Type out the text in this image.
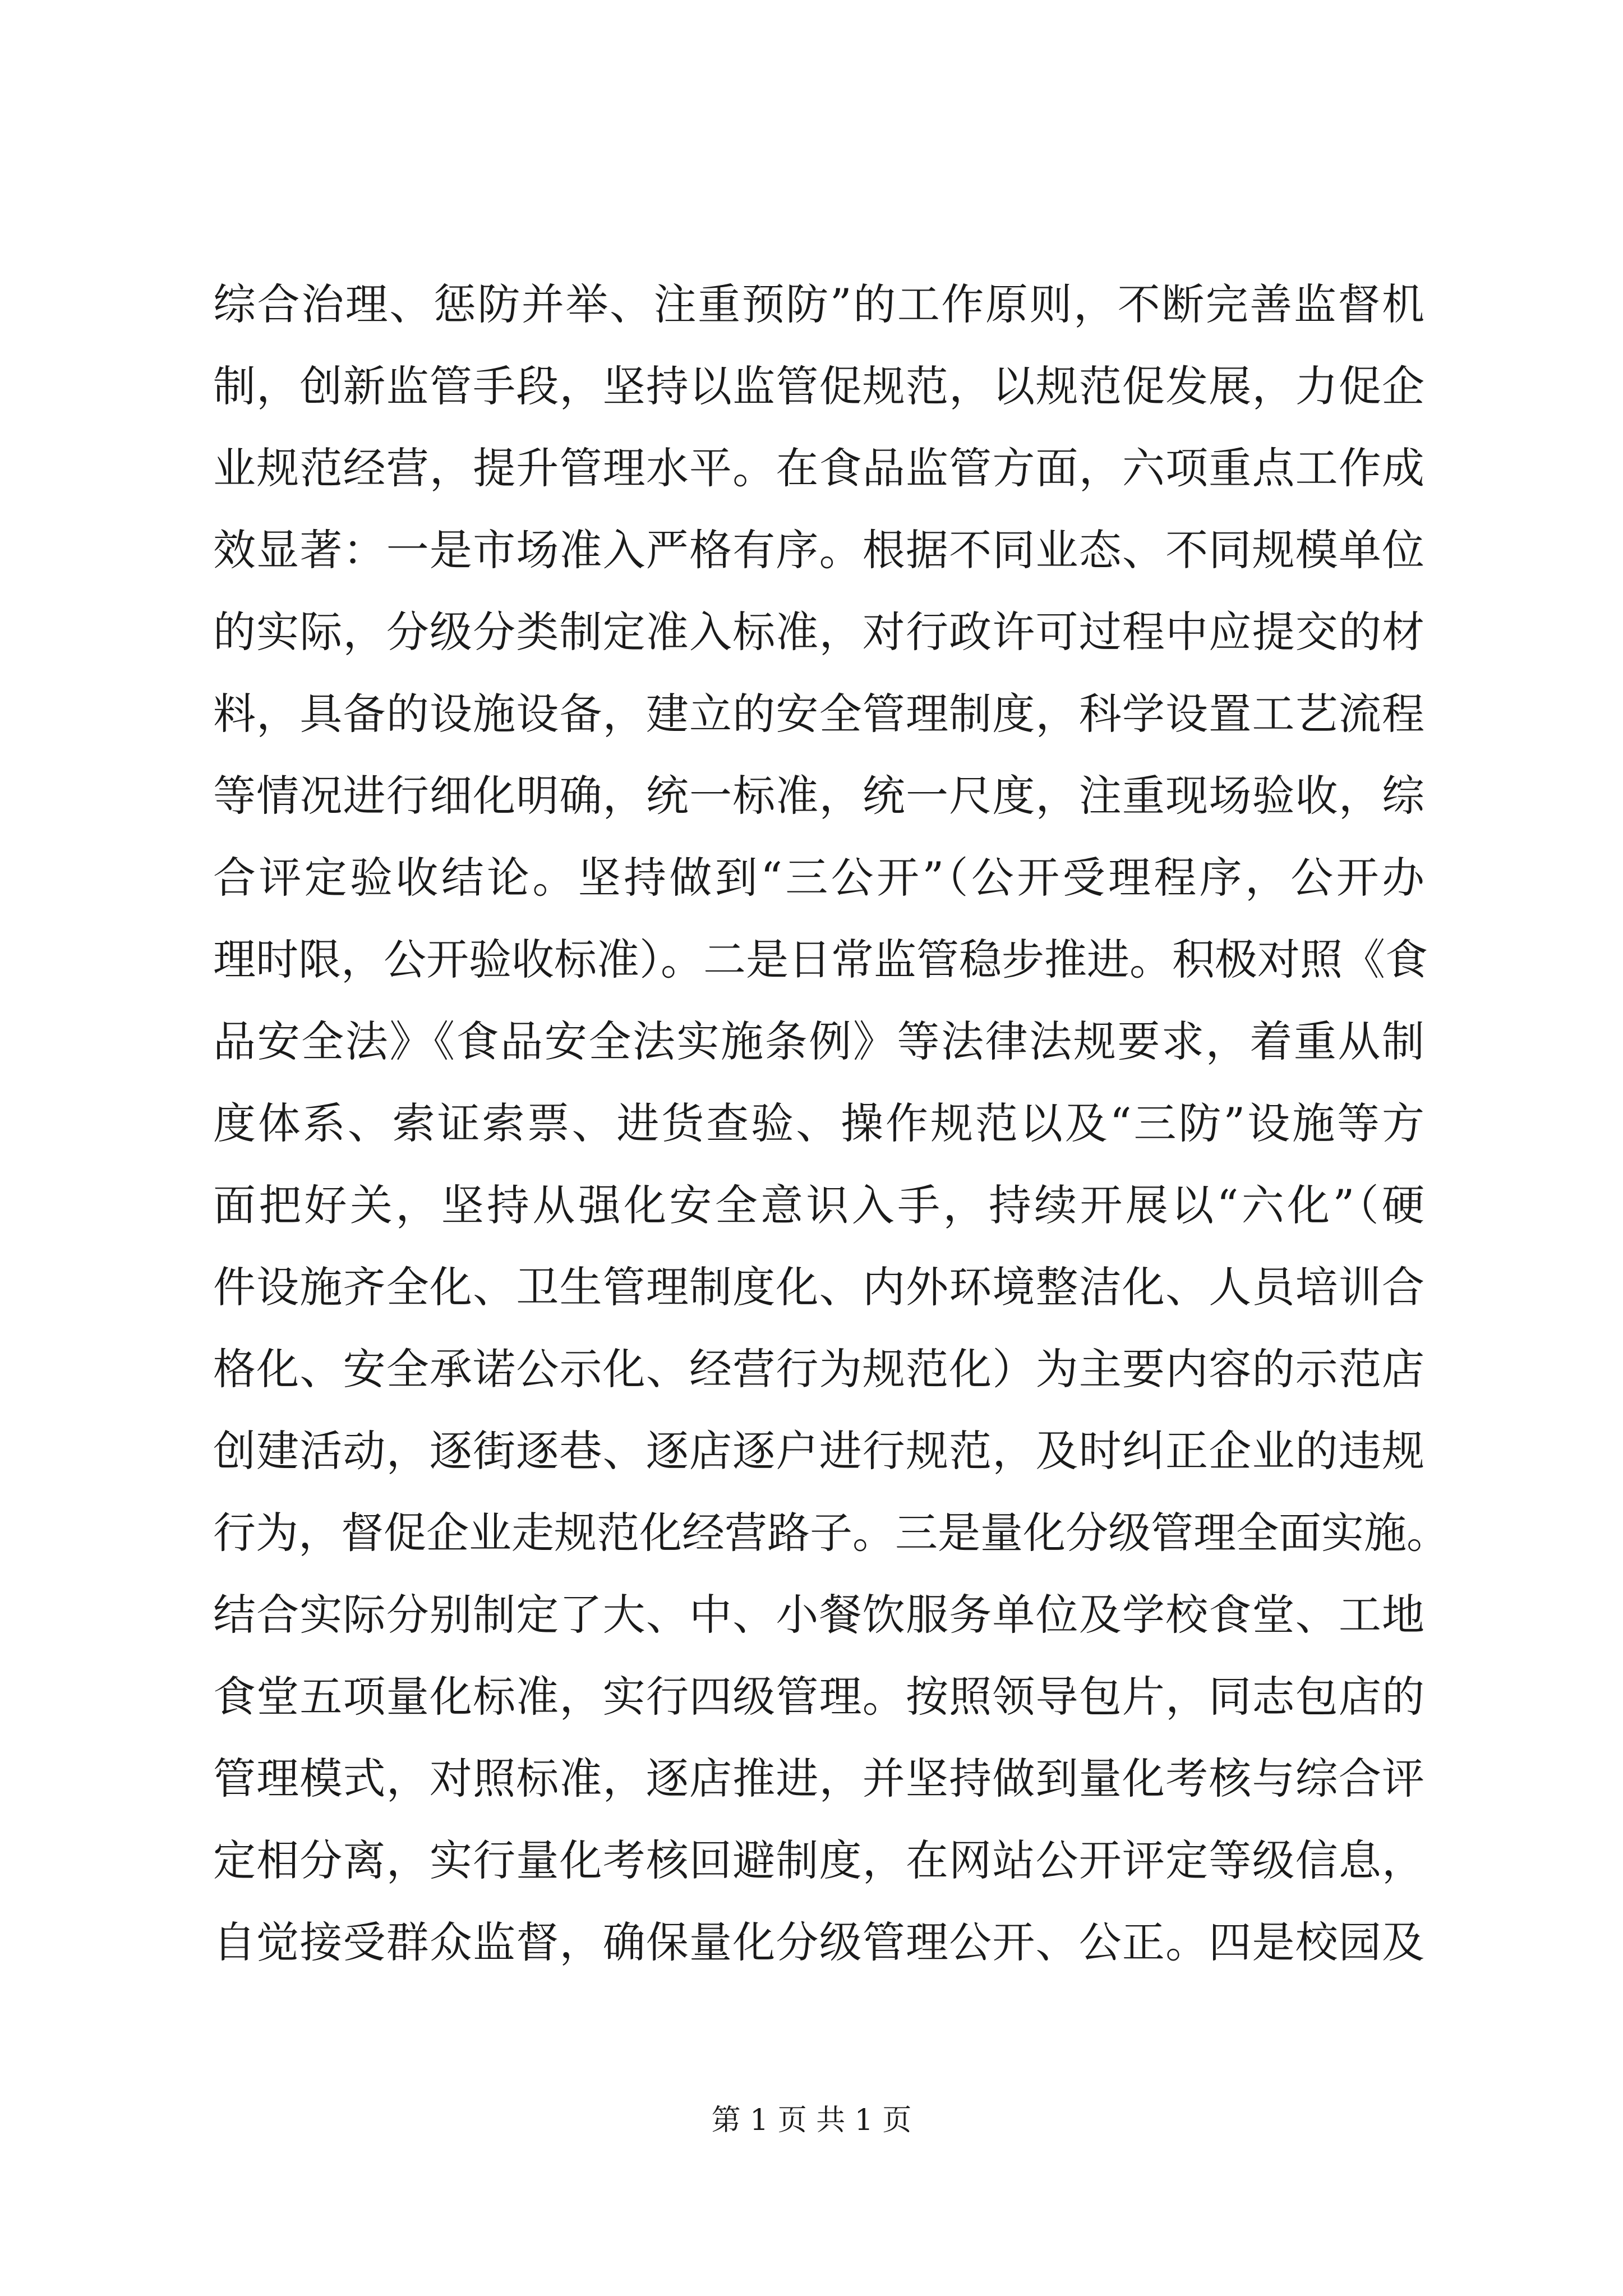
综合治理、惩防并举、注重预防”的工作原则，不断完善监督机
制，创新监管手段，坚持以监管促规范，以规范促发展，力促企
业规范经营，提升管理水平。在食品监管方面，六项重点工作成
效显著：一是市场准入严格有序。根据不同业态、不同规模单位
的实际，分级分类制定准入标准，对行政许可过程中应提交的材
料，具备的设施设备，建立的安全管理制度，科学设置工艺流程
等情况进行细化明确，统一标准，统一尺度，注重现场验收，综
合评定验收结论。坚持做到“三公开”（公开受理程序，公开办
理时限，公开验收标准）。二是日常监管稳步推进。积极对照《食
品安全法》《食品安全法实施条例》等法律法规要求，着重从制
度体系、索证索票、进货查验、操作规范以及“三防”设施等方
面把好关，坚持从强化安全意识入手，持续开展以“六化”（硬
件设施齐全化、卫生管理制度化、内外环境整洁化、人员培训合
格化、安全承诺公示化、经营行为规范化）为主要内容的示范店
创建活动，逐街逐巷、逐店逐户进行规范，及时纠正企业的违规
行为，督促企业走规范化经营路子。三是量化分级管理全面实施。
结合实际分别制定了大、中、小餐饮服务单位及学校食堂、工地
食堂五项量化标准，实行四级管理。按照领导包片，同志包店的
管理模式，对照标准，逐店推进，并坚持做到量化考核与综合评
定相分离，实行量化考核回避制度，在网站公开评定等级信息，
自觉接受群众监督，确保量化分级管理公开、公正。四是校园及
第 1 页 共 1 页
